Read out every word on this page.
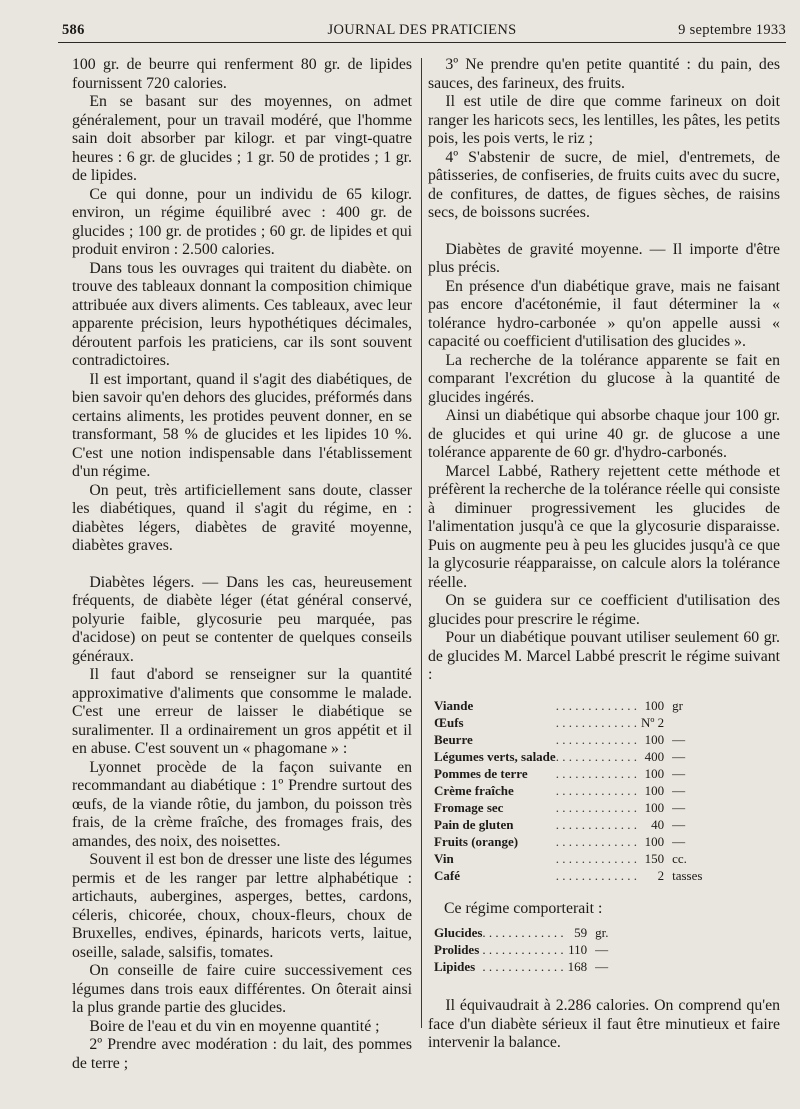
586	JOURNAL DES PRATICIENS	9 septembre 1933

100 gr. de beurre qui renferment 80 gr. de lipides fournissent 720 calories.

En se basant sur des moyennes, on admet généralement, pour un travail modéré, que l'homme sain doit absorber par kilogr. et par vingt-quatre heures : 6 gr. de glucides ; 1 gr. 50 de protides ; 1 gr. de lipides.

Ce qui donne, pour un individu de 65 kilogr. environ, un régime équilibré avec : 400 gr. de glucides ; 100 gr. de protides ; 60 gr. de lipides et qui produit environ : 2.500 calories.

Dans tous les ouvrages qui traitent du diabète. on trouve des tableaux donnant la composition chimique attribuée aux divers aliments. Ces tableaux, avec leur apparente précision, leurs hypothétiques décimales, déroutent parfois les praticiens, car ils sont souvent contradictoires.

Il est important, quand il s'agit des diabétiques, de bien savoir qu'en dehors des glucides, préformés dans certains aliments, les protides peuvent donner, en se transformant, 58 % de glucides et les lipides 10 %. C'est une notion indispensable dans l'établissement d'un régime.

On peut, très artificiellement sans doute, classer les diabétiques, quand il s'agit du régime, en : diabètes légers, diabètes de gravité moyenne, diabètes graves.

Diabètes légers. — Dans les cas, heureusement fréquents, de diabète léger (état général conservé, polyurie faible, glycosurie peu marquée, pas d'acidose) on peut se contenter de quelques conseils généraux.

Il faut d'abord se renseigner sur la quantité approximative d'aliments que consomme le malade. C'est une erreur de laisser le diabétique se suralimenter. Il a ordinairement un gros appétit et il en abuse. C'est souvent un « phagomane » :

Lyonnet procède de la façon suivante en recommandant au diabétique : 1º Prendre surtout des œufs, de la viande rôtie, du jambon, du poisson très frais, de la crème fraîche, des fromages frais, des amandes, des noix, des noisettes.

Souvent il est bon de dresser une liste des légumes permis et de les ranger par lettre alphabétique : artichauts, aubergines, asperges, bettes, cardons, céleris, chicorée, choux, choux-fleurs, choux de Bruxelles, endives, épinards, haricots verts, laitue, oseille, salade, salsifis, tomates.

On conseille de faire cuire successivement ces légumes dans trois eaux différentes. On ôterait ainsi la plus grande partie des glucides.

Boire de l'eau et du vin en moyenne quantité ;

2º Prendre avec modération : du lait, des pommes de terre ;

3º Ne prendre qu'en petite quantité : du pain, des sauces, des farineux, des fruits.

Il est utile de dire que comme farineux on doit ranger les haricots secs, les lentilles, les pâtes, les petits pois, les pois verts, le riz ;

4º S'abstenir de sucre, de miel, d'entremets, de pâtisseries, de confiseries, de fruits cuits avec du sucre, de confitures, de dattes, de figues sèches, de raisins secs, de boissons sucrées.

Diabètes de gravité moyenne. — Il importe d'être plus précis.

En présence d'un diabétique grave, mais ne faisant pas encore d'acétonémie, il faut déterminer la « tolérance hydro-carbonée » qu'on appelle aussi « capacité ou coefficient d'utilisation des glucides ».

La recherche de la tolérance apparente se fait en comparant l'excrétion du glucose à la quantité de glucides ingérés.

Ainsi un diabétique qui absorbe chaque jour 100 gr. de glucides et qui urine 40 gr. de glucose a une tolérance apparente de 60 gr. d'hydro-carbonés.

Marcel Labbé, Rathery rejettent cette méthode et préfèrent la recherche de la tolérance réelle qui consiste à diminuer progressivement les glucides de l'alimentation jusqu'à ce que la glycosurie disparaisse. Puis on augmente peu à peu les glucides jusqu'à ce que la glycosurie réapparaisse, on calcule alors la tolérance réelle.

On se guidera sur ce coefficient d'utilisation des glucides pour prescrire le régime.

Pour un diabétique pouvant utiliser seulement 60 gr. de glucides M. Marcel Labbé prescrit le régime suivant :

Viande	. . . . . . . . . . . . .	100	gr
Œufs	. . . . . . . . . . . . .	Nº 2	
Beurre	. . . . . . . . . . . . .	100	—
Légumes verts, salade	. . . . . . . . . . . . .	400	—
Pommes de terre	. . . . . . . . . . . . .	100	—
Crème fraîche	. . . . . . . . . . . . .	100	—
Fromage sec	. . . . . . . . . . . . .	100	—
Pain de gluten	. . . . . . . . . . . . .	40	—
Fruits (orange)	. . . . . . . . . . . . .	100	—
Vin	. . . . . . . . . . . . .	150	cc.
Café	. . . . . . . . . . . . .	2	tasses
Ce régime comporterait :
Glucides	. . . . . . . . . . . . .	59	gr.
Prolides	. . . . . . . . . . . . .	110	—
Lipides	. . . . . . . . . . . . .	168	—

Il équivaudrait à 2.286 calories. On comprend qu'en face d'un diabète sérieux il faut être minutieux et faire intervenir la balance.
